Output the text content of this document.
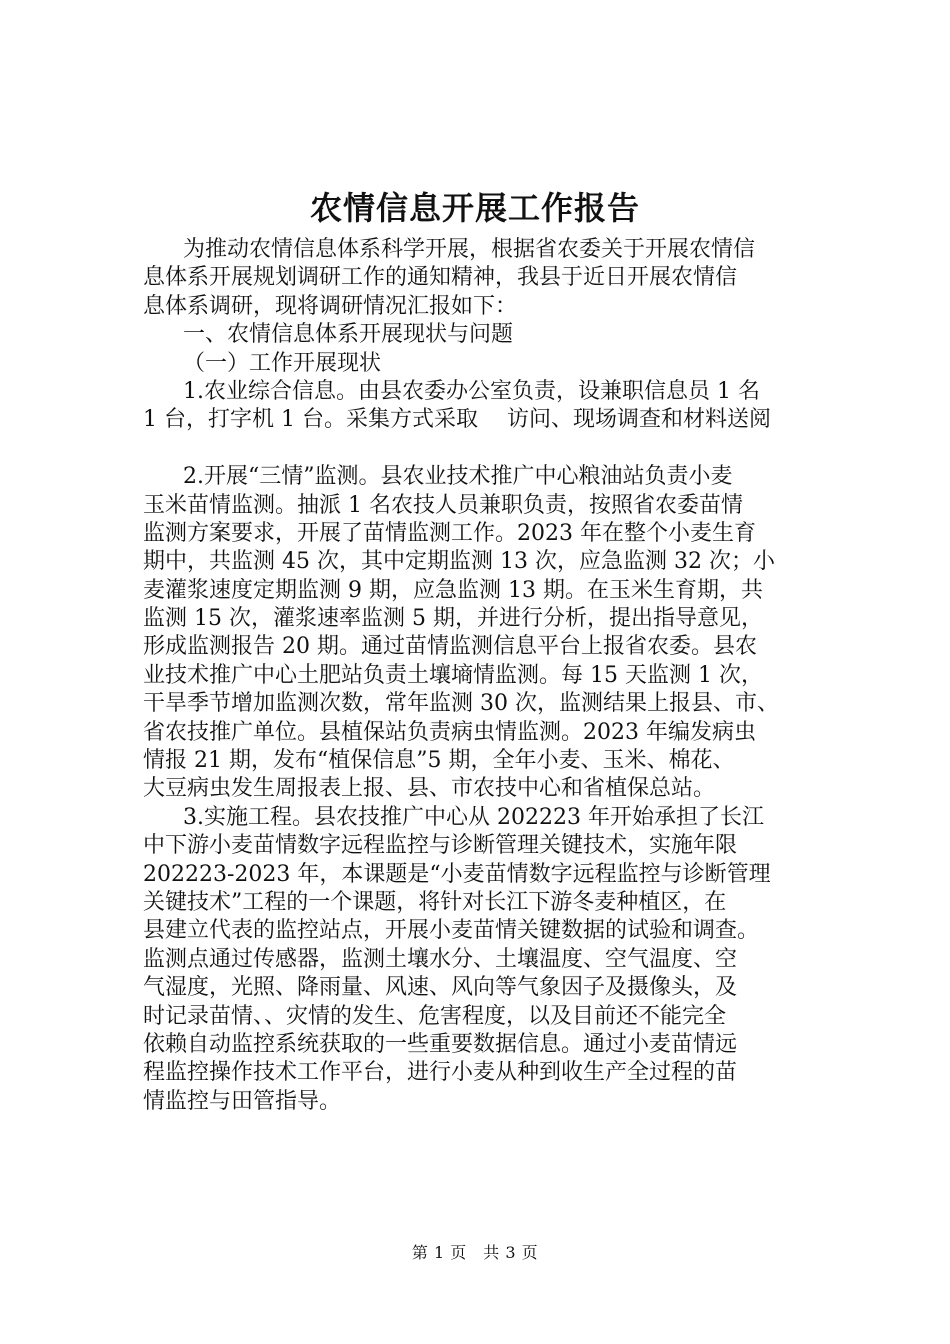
农情信息开展工作报告
为推动农情信息体系科学开展，根据省农委关于开展农情信
息体系开展规划调研工作的通知精神，我县于近日开展农情信
息体系调研，现将调研情况汇报如下：
一、农情信息体系开展现状与问题
（一）工作开展现状
1.农业综合信息。由县农委办公室负责，设兼职信息员 1 名
1 台，打字机 1 台。采集方式采取　 访问、现场调查和材料送阅
2.开展“三情”监测。县农业技术推广中心粮油站负责小麦
玉米苗情监测。抽派 1 名农技人员兼职负责，按照省农委苗情
监测方案要求，开展了苗情监测工作。2023 年在整个小麦生育
期中，共监测 45 次，其中定期监测 13 次，应急监测 32 次；小
麦灌浆速度定期监测 9 期，应急监测 13 期。在玉米生育期，共
监测 15 次，灌浆速率监测 5 期，并进行分析，提出指导意见，
形成监测报告 20 期。通过苗情监测信息平台上报省农委。县农
业技术推广中心土肥站负责土壤墒情监测。每 15 天监测 1 次，
干旱季节增加监测次数，常年监测 30 次，监测结果上报县、市、
省农技推广单位。县植保站负责病虫情监测。2023 年编发病虫
情报 21 期，发布“植保信息”5 期，全年小麦、玉米、棉花、
大豆病虫发生周报表上报、县、市农技中心和省植保总站。
3.实施工程。县农技推广中心从 202223 年开始承担了长江
中下游小麦苗情数字远程监控与诊断管理关键技术，实施年限
202223-2023 年，本课题是“小麦苗情数字远程监控与诊断管理
关键技术”工程的一个课题，将针对长江下游冬麦种植区，在
县建立代表的监控站点，开展小麦苗情关键数据的试验和调查。
监测点通过传感器，监测土壤水分、土壤温度、空气温度、空
气湿度，光照、降雨量、风速、风向等气象因子及摄像头，及
时记录苗情、、灾情的发生、危害程度，以及目前还不能完全
依赖自动监控系统获取的一些重要数据信息。通过小麦苗情远
程监控操作技术工作平台，进行小麦从种到收生产全过程的苗
情监控与田管指导。
第 1 页　共 3 页
